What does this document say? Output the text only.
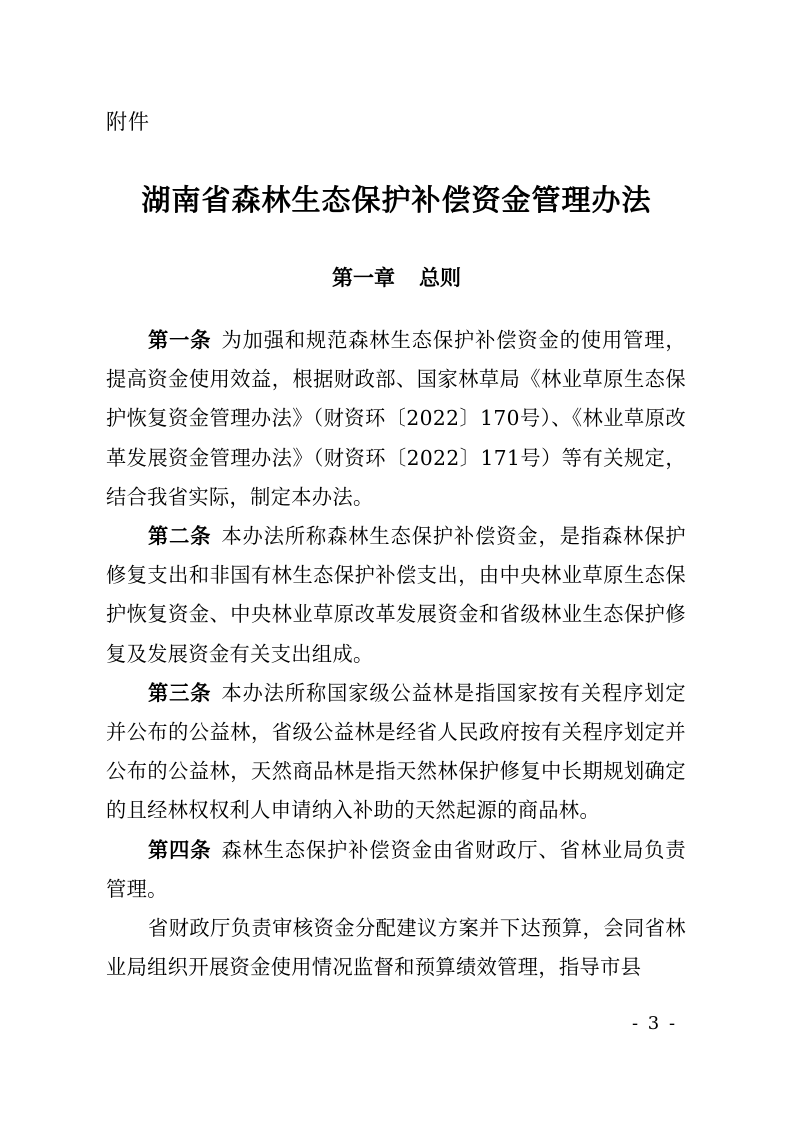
附件
湖南省森林生态保护补偿资金管理办法
第一章 总则

第一条 为加强和规范森林生态保护补偿资金的使用管理，提高资金使用效益，根据财政部、国家林草局《林业草原生态保护恢复资金管理办法》（财资环〔2022〕170号）、《林业草原改革发展资金管理办法》（财资环〔2022〕171号）等有关规定，结合我省实际，制定本办法。

第二条 本办法所称森林生态保护补偿资金，是指森林保护修复支出和非国有林生态保护补偿支出，由中央林业草原生态保护恢复资金、中央林业草原改革发展资金和省级林业生态保护修复及发展资金有关支出组成。

第三条 本办法所称国家级公益林是指国家按有关程序划定并公布的公益林，省级公益林是经省人民政府按有关程序划定并公布的公益林，天然商品林是指天然林保护修复中长期规划确定的且经林权权利人申请纳入补助的天然起源的商品林。

第四条 森林生态保护补偿资金由省财政厅、省林业局负责管理。

省财政厅负责审核资金分配建议方案并下达预算，会同省林业局组织开展资金使用情况监督和预算绩效管理，指导市县

- 3 -
